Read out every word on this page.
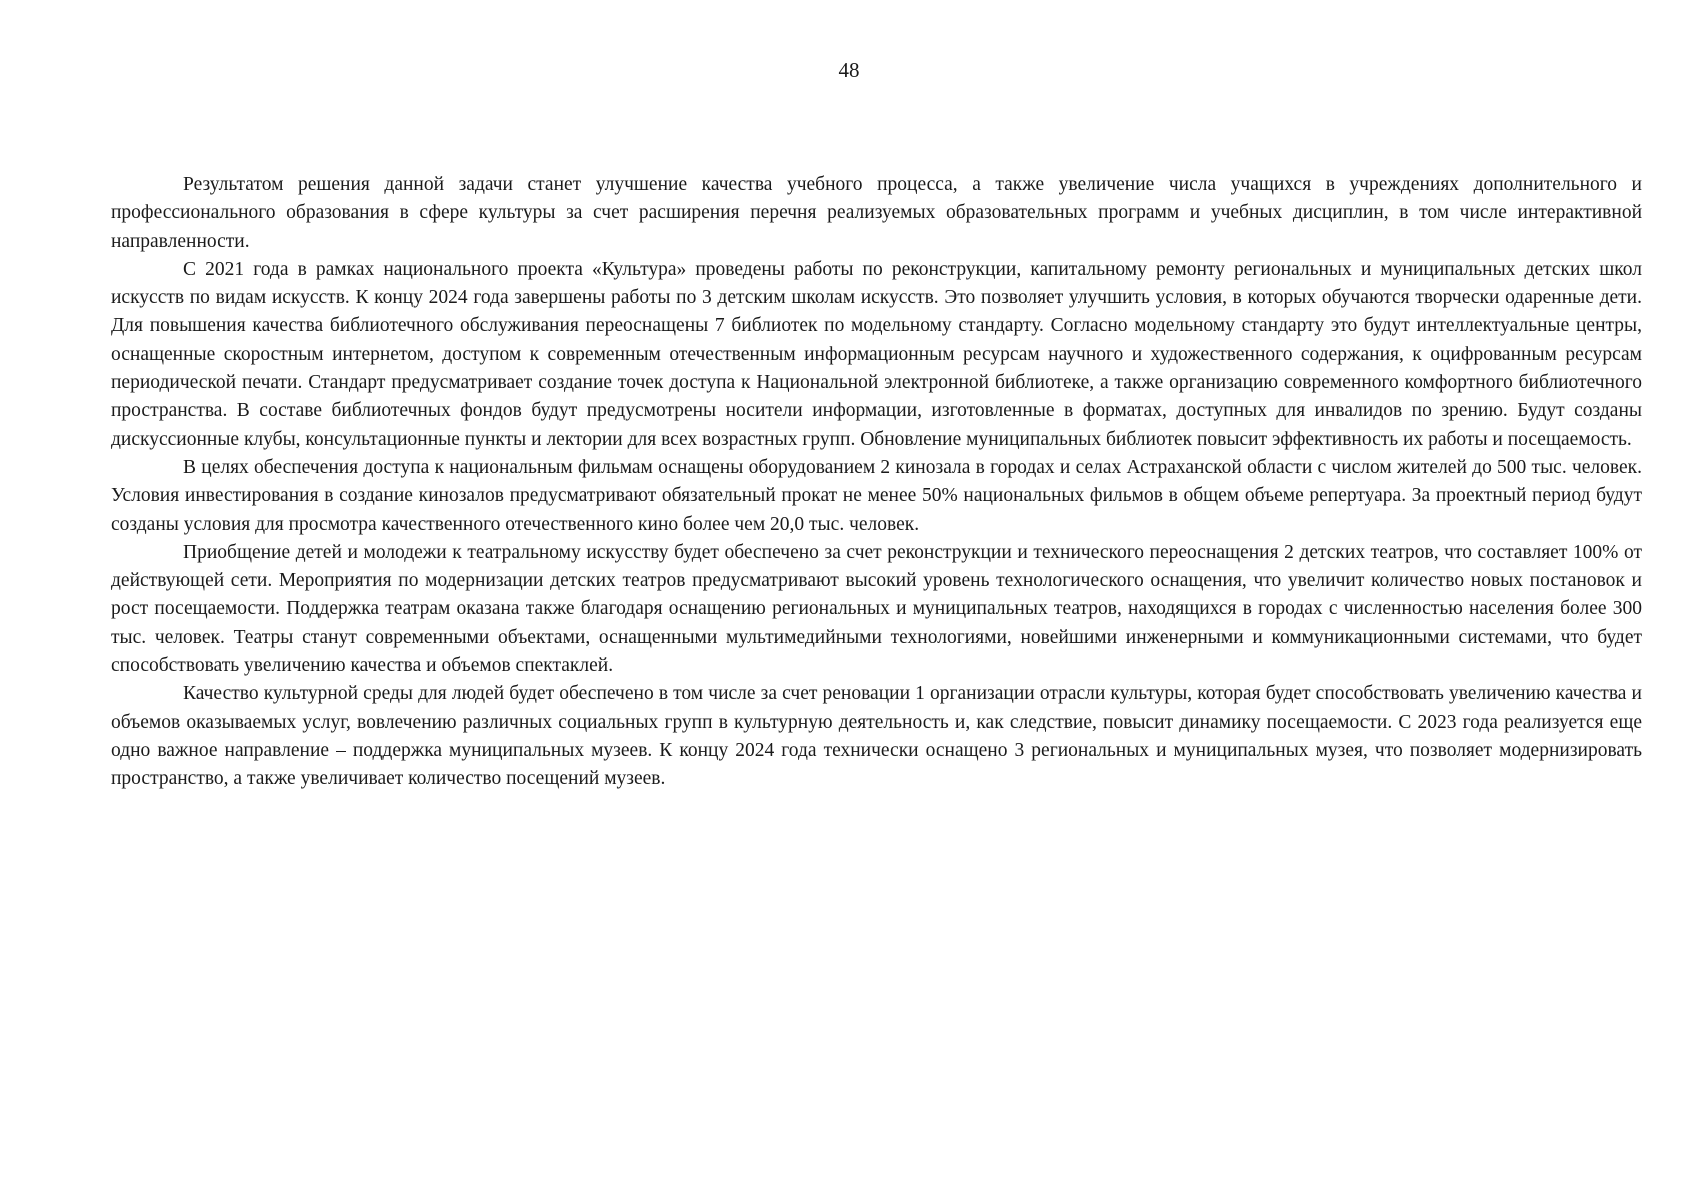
48

Результатом решения данной задачи станет улучшение качества учебного процесса, а также увеличение числа учащихся в учреждениях дополнительного и профессионального образования в сфере культуры за счет расширения перечня реализуемых образовательных программ и учебных дисциплин, в том числе интерактивной направленности.

С 2021 года в рамках национального проекта «Культура» проведены работы по реконструкции, капитальному ремонту региональных и муниципальных детских школ искусств по видам искусств. К концу 2024 года завершены работы по 3 детским школам искусств. Это позволяет улучшить условия, в которых обучаются творчески одаренные дети. Для повышения качества библиотечного обслуживания переоснащены 7 библиотек по модельному стандарту. Согласно модельному стандарту это будут интеллектуальные центры, оснащенные скоростным интернетом, доступом к современным отечественным информационным ресурсам научного и художественного содержания, к оцифрованным ресурсам периодической печати. Стандарт предусматривает создание точек доступа к Национальной электронной библиотеке, а также организацию современного комфортного библиотечного пространства. В составе библиотечных фондов будут предусмотрены носители информации, изготовленные в форматах, доступных для инвалидов по зрению. Будут созданы дискуссионные клубы, консультационные пункты и лектории для всех возрастных групп. Обновление муниципальных библиотек повысит эффективность их работы и посещаемость.

В целях обеспечения доступа к национальным фильмам оснащены оборудованием 2 кинозала в городах и селах Астраханской области с числом жителей до 500 тыс. человек. Условия инвестирования в создание кинозалов предусматривают обязательный прокат не менее 50% национальных фильмов в общем объеме репертуара. За проектный период будут созданы условия для просмотра качественного отечественного кино более чем 20,0 тыс. человек.

Приобщение детей и молодежи к театральному искусству будет обеспечено за счет реконструкции и технического переоснащения 2 детских театров, что составляет 100% от действующей сети. Мероприятия по модернизации детских театров предусматривают высокий уровень технологического оснащения, что увеличит количество новых постановок и рост посещаемости. Поддержка театрам оказана также благодаря оснащению региональных и муниципальных театров, находящихся в городах с численностью населения более 300 тыс. человек. Театры станут современными объектами, оснащенными мультимедийными технологиями, новейшими инженерными и коммуникационными системами, что будет способствовать увеличению качества и объемов спектаклей.

Качество культурной среды для людей будет обеспечено в том числе за счет реновации 1 организации отрасли культуры, которая будет способствовать увеличению качества и объемов оказываемых услуг, вовлечению различных социальных групп в культурную деятельность и, как следствие, повысит динамику посещаемости. С 2023 года реализуется еще одно важное направление – поддержка муниципальных музеев. К концу 2024 года технически оснащено 3 региональных и муниципальных музея, что позволяет модернизировать пространство, а также увеличивает количество посещений музеев.
